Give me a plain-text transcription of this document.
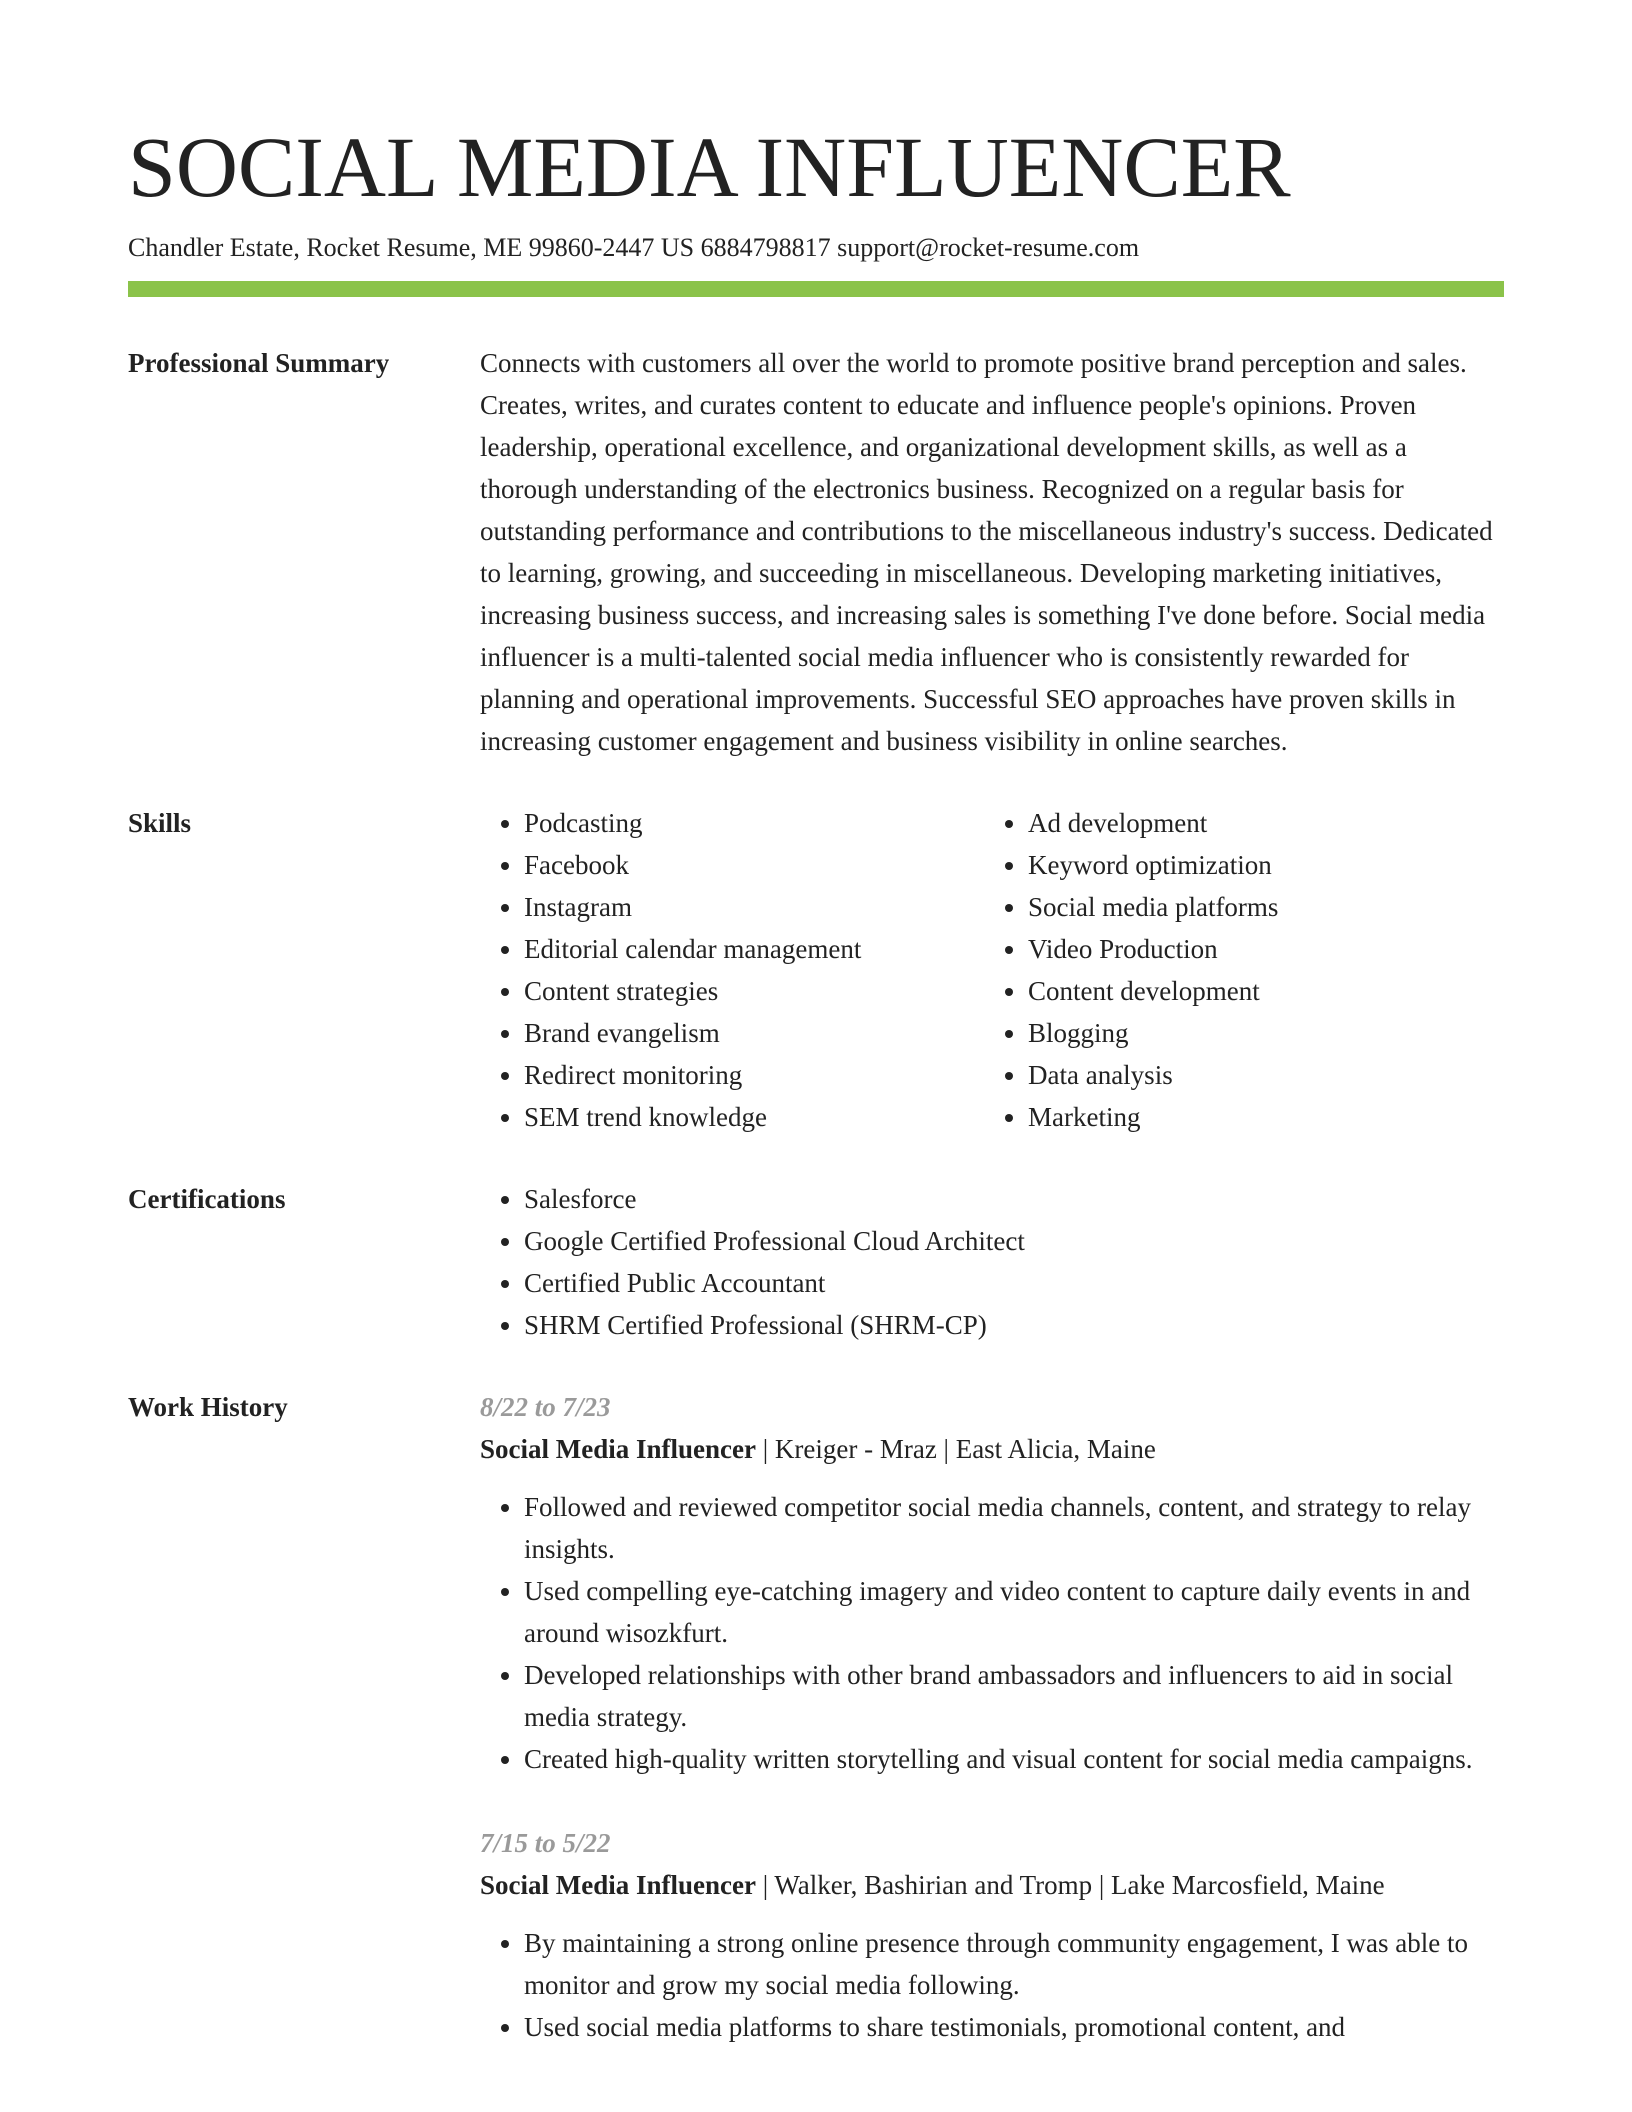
SOCIAL MEDIA INFLUENCER
Chandler Estate, Rocket Resume, ME 99860-2447 US 6884798817 support@rocket-resume.com
Professional Summary	Connects with customers all over the world to promote positive brand perception and sales. Creates, writes, and curates content to educate and influence people's opinions. Proven leadership, operational excellence, and organizational development skills, as well as a thorough understanding of the electronics business. Recognized on a regular basis for outstanding performance and contributions to the miscellaneous industry's success. Dedicated to learning, growing, and succeeding in miscellaneous. Developing marketing initiatives, increasing business success, and increasing sales is something I've done before. Social media influencer is a multi-talented social media influencer who is consistently rewarded for planning and operational improvements. Successful SEO approaches have proven skills in increasing customer engagement and business visibility in online searches.

Skills	• Podcasting
• Facebook
• Instagram
• Editorial calendar management
• Content strategies
• Brand evangelism
• Redirect monitoring
• SEM trend knowledge
• Ad development
• Keyword optimization
• Social media platforms
• Video Production
• Content development
• Blogging
• Data analysis
• Marketing
Certifications	• Salesforce
• Google Certified Professional Cloud Architect
• Certified Public Accountant
• SHRM Certified Professional (SHRM-CP)
Work History	8/22 to 7/23
Social Media Influencer | Kreiger - Mraz | East Alicia, Maine
• Followed and reviewed competitor social media channels, content, and strategy to relay insights.
• Used compelling eye-catching imagery and video content to capture daily events in and around wisozkfurt.
• Developed relationships with other brand ambassadors and influencers to aid in social media strategy.
• Created high-quality written storytelling and visual content for social media campaigns.
7/15 to 5/22
Social Media Influencer | Walker, Bashirian and Tromp | Lake Marcosfield, Maine
• By maintaining a strong online presence through community engagement, I was able to monitor and grow my social media following.
• Used social media platforms to share testimonials, promotional content, and
